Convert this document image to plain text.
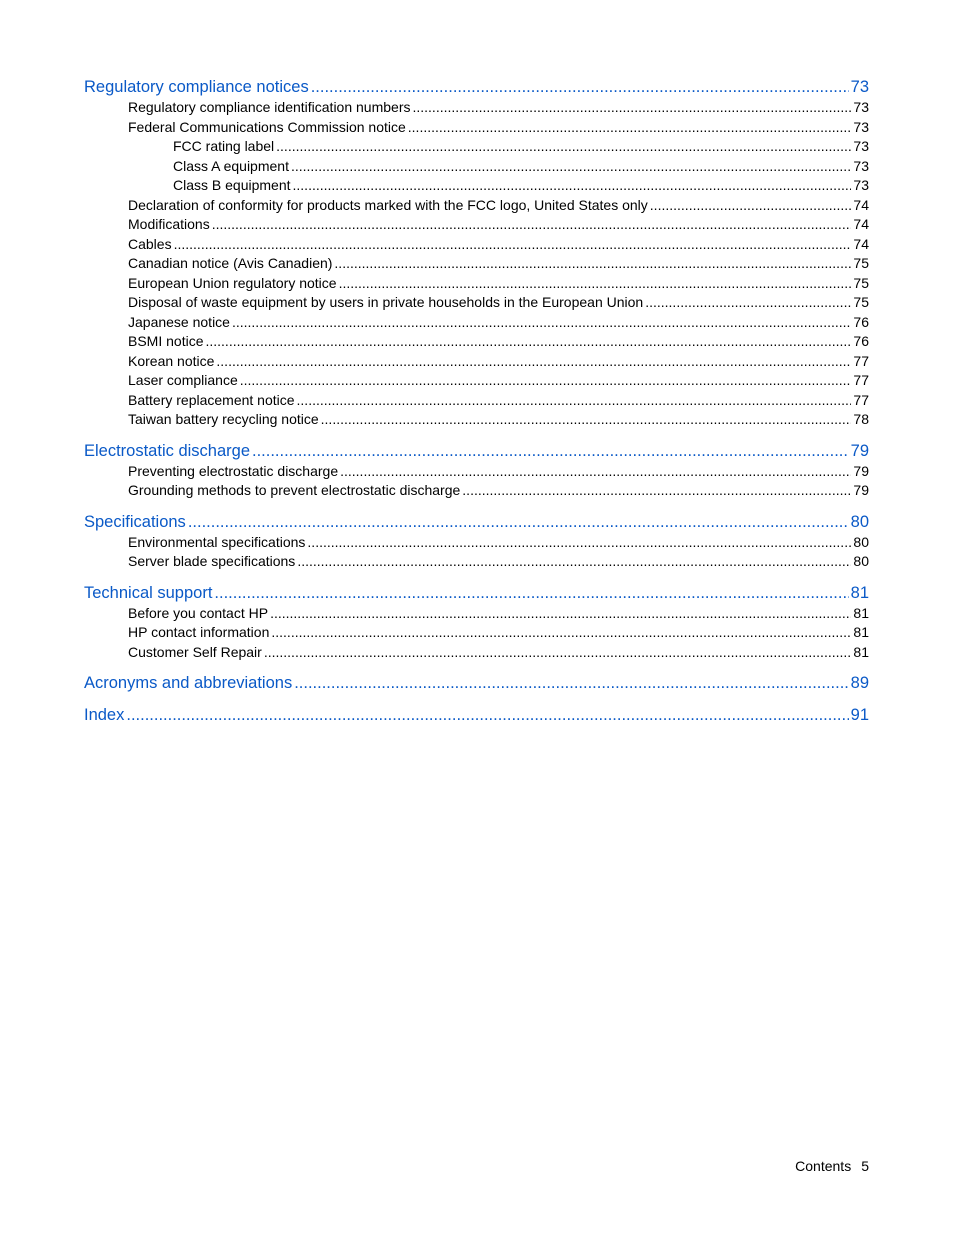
Regulatory compliance notices .....	73
Regulatory compliance identification numbers .....	73
Federal Communications Commission notice .....	73
FCC rating label .....	73
Class A equipment .....	73
Class B equipment .....	73
Declaration of conformity for products marked with the FCC logo, United States only .....	74
Modifications .....	74
Cables .....	74
Canadian notice (Avis Canadien) .....	75
European Union regulatory notice .....	75
Disposal of waste equipment by users in private households in the European Union .....	75
Japanese notice .....	76
BSMI notice .....	76
Korean notice .....	77
Laser compliance .....	77
Battery replacement notice .....	77
Taiwan battery recycling notice .....	78
Electrostatic discharge .....	79
Preventing electrostatic discharge .....	79
Grounding methods to prevent electrostatic discharge .....	79
Specifications .....	80
Environmental specifications .....	80
Server blade specifications .....	80
Technical support .....	81
Before you contact HP .....	81
HP contact information .....	81
Customer Self Repair .....	81
Acronyms and abbreviations .....	89
Index .....	91
Contents 5
